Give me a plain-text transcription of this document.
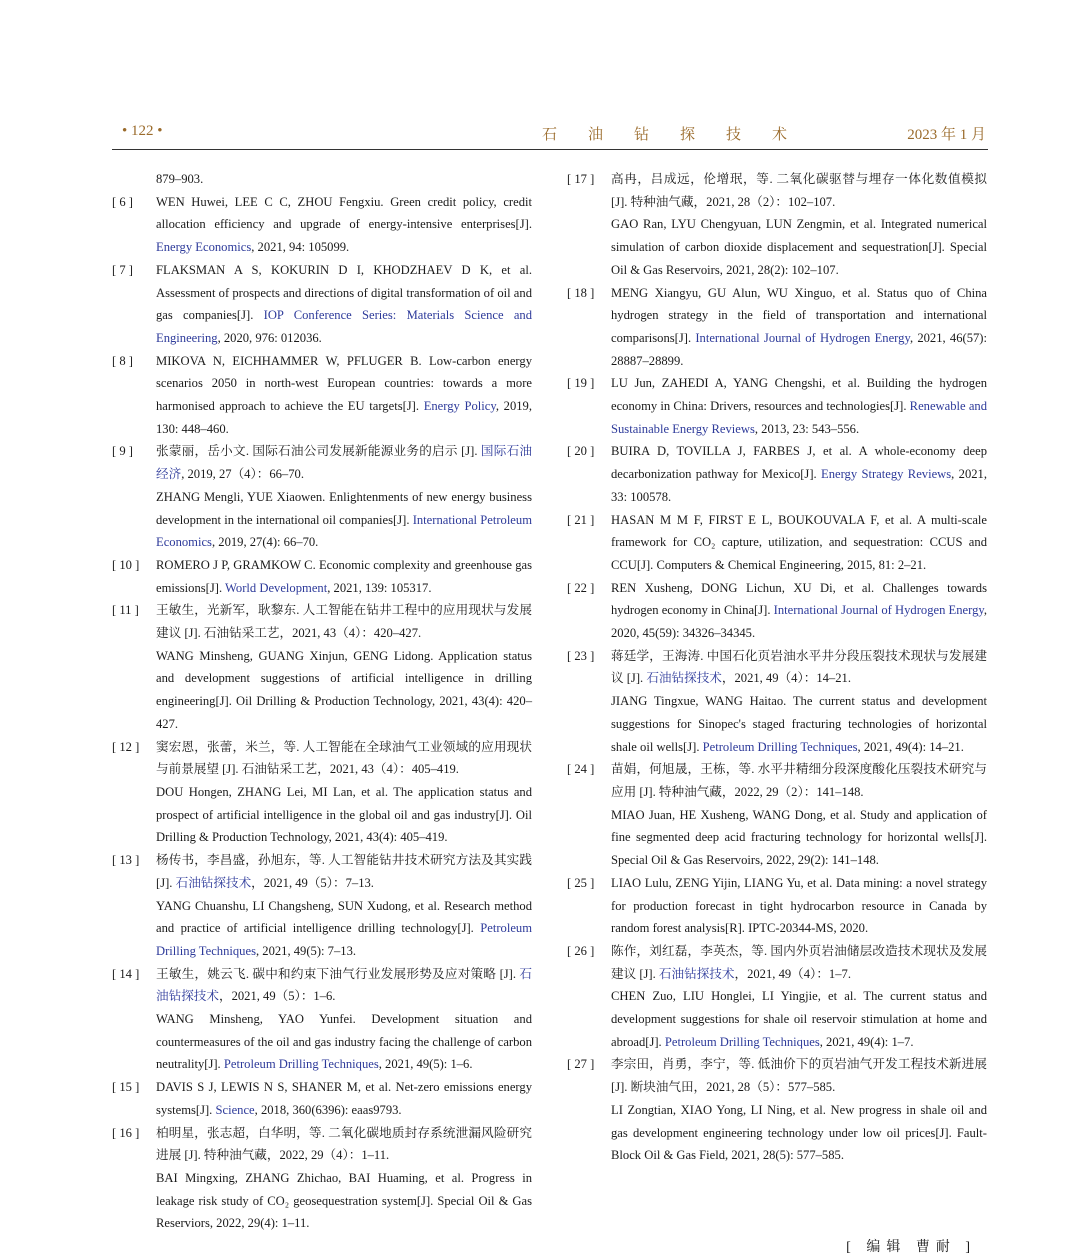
• 122 •	石油钻探技术	2023 年 1 月
879–903.
[ 6 ]	WEN Huwei, LEE C C, ZHOU Fengxiu. Green credit policy, credit allocation efficiency and upgrade of energy-intensive enterprises[J]. Energy Economics, 2021, 94: 105099.

[ 7 ]	FLAKSMAN A S, KOKURIN D I, KHODZHAEV D K, et al. Assessment of prospects and directions of digital transformation of oil and gas companies[J]. IOP Conference Series: Materials Science and Engineering, 2020, 976: 012036.

[ 8 ]	MIKOVA N, EICHHAMMER W, PFLUGER B. Low-carbon energy scenarios 2050 in north-west European countries: towards a more harmonised approach to achieve the EU targets[J]. Energy Policy, 2019, 130: 448–460.

[ 9 ]	张蒙丽，岳小文. 国际石油公司发展新能源业务的启示 [J]. 国际石油经济, 2019, 27（4）：66–70.

ZHANG Mengli, YUE Xiaowen. Enlightenments of new energy business development in the international oil companies[J]. International Petroleum Economics, 2019, 27(4): 66–70.

[ 10 ]	ROMERO J P, GRAMKOW C. Economic complexity and greenhouse gas emissions[J]. World Development, 2021, 139: 105317.

[ 11 ]	王敏生，光新军，耿黎东. 人工智能在钻井工程中的应用现状与发展建议 [J]. 石油钻采工艺，2021, 43（4）：420–427.

WANG Minsheng, GUANG Xinjun, GENG Lidong. Application status and development suggestions of artificial intelligence in drilling engineering[J]. Oil Drilling & Production Technology, 2021, 43(4): 420–427.

[ 12 ]	窦宏恩，张蕾，米兰，等. 人工智能在全球油气工业领域的应用现状与前景展望 [J]. 石油钻采工艺，2021, 43（4）：405–419.

DOU Hongen, ZHANG Lei, MI Lan, et al. The application status and prospect of artificial intelligence in the global oil and gas industry[J]. Oil Drilling & Production Technology, 2021, 43(4): 405–419.

[ 13 ]	杨传书，李昌盛，孙旭东，等. 人工智能钻井技术研究方法及其实践 [J]. 石油钻探技术，2021, 49（5）：7–13.

YANG Chuanshu, LI Changsheng, SUN Xudong, et al. Research method and practice of artificial intelligence drilling technology[J]. Petroleum Drilling Techniques, 2021, 49(5): 7–13.

[ 14 ]	王敏生，姚云飞. 碳中和约束下油气行业发展形势及应对策略 [J]. 石油钻探技术，2021, 49（5）：1–6.

WANG Minsheng, YAO Yunfei. Development situation and countermeasures of the oil and gas industry facing the challenge of carbon neutrality[J]. Petroleum Drilling Techniques, 2021, 49(5): 1–6.

[ 15 ]	DAVIS S J, LEWIS N S, SHANER M, et al. Net-zero emissions energy systems[J]. Science, 2018, 360(6396): eaas9793.

[ 16 ]	柏明星，张志超，白华明，等. 二氧化碳地质封存系统泄漏风险研究进展 [J]. 特种油气藏，2022, 29（4）：1–11.

BAI Mingxing, ZHANG Zhichao, BAI Huaming, et al. Progress in leakage risk study of CO₂ geosequestration system[J]. Special Oil & Gas Reserviors, 2022, 29(4): 1–11.

[ 17 ]	高冉，吕成远，伦增珉，等. 二氧化碳驱替与埋存一体化数值模拟 [J]. 特种油气藏，2021, 28（2）：102–107.

GAO Ran, LYU Chengyuan, LUN Zengmin, et al. Integrated numerical simulation of carbon dioxide displacement and sequestration[J]. Special Oil & Gas Reservoirs, 2021, 28(2): 102–107.

[ 18 ]	MENG Xiangyu, GU Alun, WU Xinguo, et al. Status quo of China hydrogen strategy in the field of transportation and international comparisons[J]. International Journal of Hydrogen Energy, 2021, 46(57): 28887–28899.

[ 19 ]	LU Jun, ZAHEDI A, YANG Chengshi, et al. Building the hydrogen economy in China: Drivers, resources and technologies[J]. Renewable and Sustainable Energy Reviews, 2013, 23: 543–556.

[ 20 ]	BUIRA D, TOVILLA J, FARBES J, et al. A whole-economy deep decarbonization pathway for Mexico[J]. Energy Strategy Reviews, 2021, 33: 100578.

[ 21 ]	HASAN M M F, FIRST E L, BOUKOUVALA F, et al. A multi-scale framework for CO₂ capture, utilization, and sequestration: CCUS and CCU[J]. Computers & Chemical Engineering, 2015, 81: 2–21.

[ 22 ]	REN Xusheng, DONG Lichun, XU Di, et al. Challenges towards hydrogen economy in China[J]. International Journal of Hydrogen Energy, 2020, 45(59): 34326–34345.

[ 23 ]	蒋廷学，王海涛. 中国石化页岩油水平井分段压裂技术现状与发展建议 [J]. 石油钻探技术，2021, 49（4）：14–21.

JIANG Tingxue, WANG Haitao. The current status and development suggestions for Sinopec's staged fracturing technologies of horizontal shale oil wells[J]. Petroleum Drilling Techniques, 2021, 49(4): 14–21.

[ 24 ]	苗娟，何旭晟，王栋，等. 水平井精细分段深度酸化压裂技术研究与应用 [J]. 特种油气藏，2022, 29（2）：141–148.

MIAO Juan, HE Xusheng, WANG Dong, et al. Study and application of fine segmented deep acid fracturing technology for horizontal wells[J]. Special Oil & Gas Reservoirs, 2022, 29(2): 141–148.

[ 25 ]	LIAO Lulu, ZENG Yijin, LIANG Yu, et al. Data mining: a novel strategy for production forecast in tight hydrocarbon resource in Canada by random forest analysis[R]. IPTC-20344-MS, 2020.

[ 26 ]	陈作，刘红磊，李英杰，等. 国内外页岩油储层改造技术现状及发展建议 [J]. 石油钻探技术，2021, 49（4）：1–7.

CHEN Zuo, LIU Honglei, LI Yingjie, et al. The current status and development suggestions for shale oil reservoir stimulation at home and abroad[J]. Petroleum Drilling Techniques, 2021, 49(4): 1–7.

[ 27 ]	李宗田，肖勇，李宁，等. 低油价下的页岩油气开发工程技术新进展 [J]. 断块油气田，2021, 28（5）：577–585.

LI Zongtian, XIAO Yong, LI Ning, et al. New progress in shale oil and gas development engineering technology under low oil prices[J]. Fault-Block Oil & Gas Field, 2021, 28(5): 577–585.

[ 编辑 曹耐 ]
